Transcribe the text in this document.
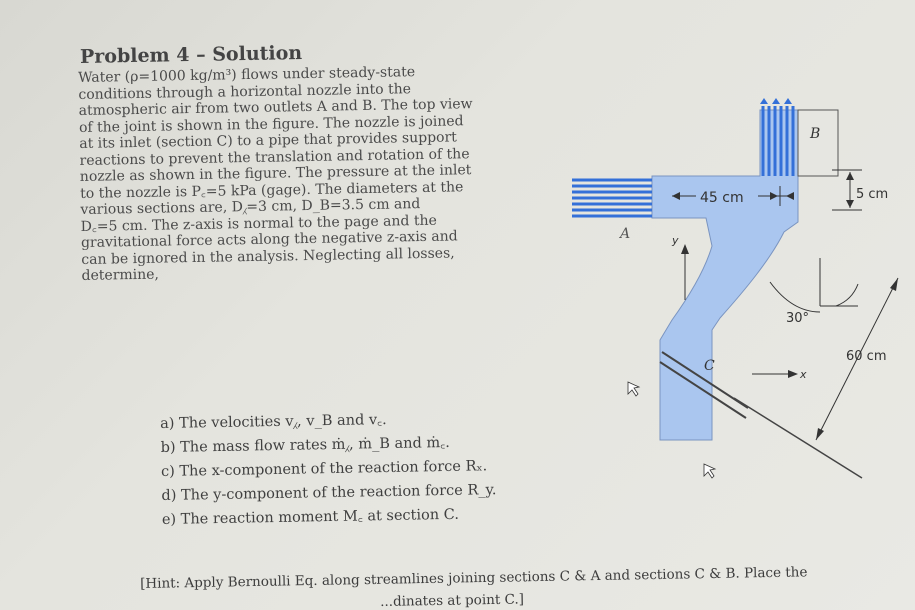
Problem 4 – Solution
Water (ρ=1000 kg/m³) flows under steady-state
conditions through a horizontal nozzle into the
atmospheric air from two outlets A and B. The top view
of the joint is shown in the figure. The nozzle is joined
at its inlet (section C) to a pipe that provides support
reactions to prevent the translation and rotation of the
nozzle as shown in the figure. The pressure at the inlet
to the nozzle is P꜀=5 kPa (gage). The diameters at the
various sections are, D⁁=3 cm, D_B=3.5 cm and
D꜀=5 cm. The z-axis is normal to the page and the
gravitational force acts along the negative z-axis and
can be ignored in the analysis. Neglecting all losses,
determine,
a) The velocities v⁁, v_B and v꜀.
b) The mass flow rates ṁ⁁, ṁ_B and ṁ꜀.
c) The x-component of the reaction force Rₓ.
d) The y-component of the reaction force R_y.
e) The reaction moment M꜀ at section C.
[Hint: Apply Bernoulli Eq. along streamlines joining sections C & A and sections C & B. Place the
...dinates at point C.]
45 cm	5 cm
60 cm
30°
y
x
A
B
C
